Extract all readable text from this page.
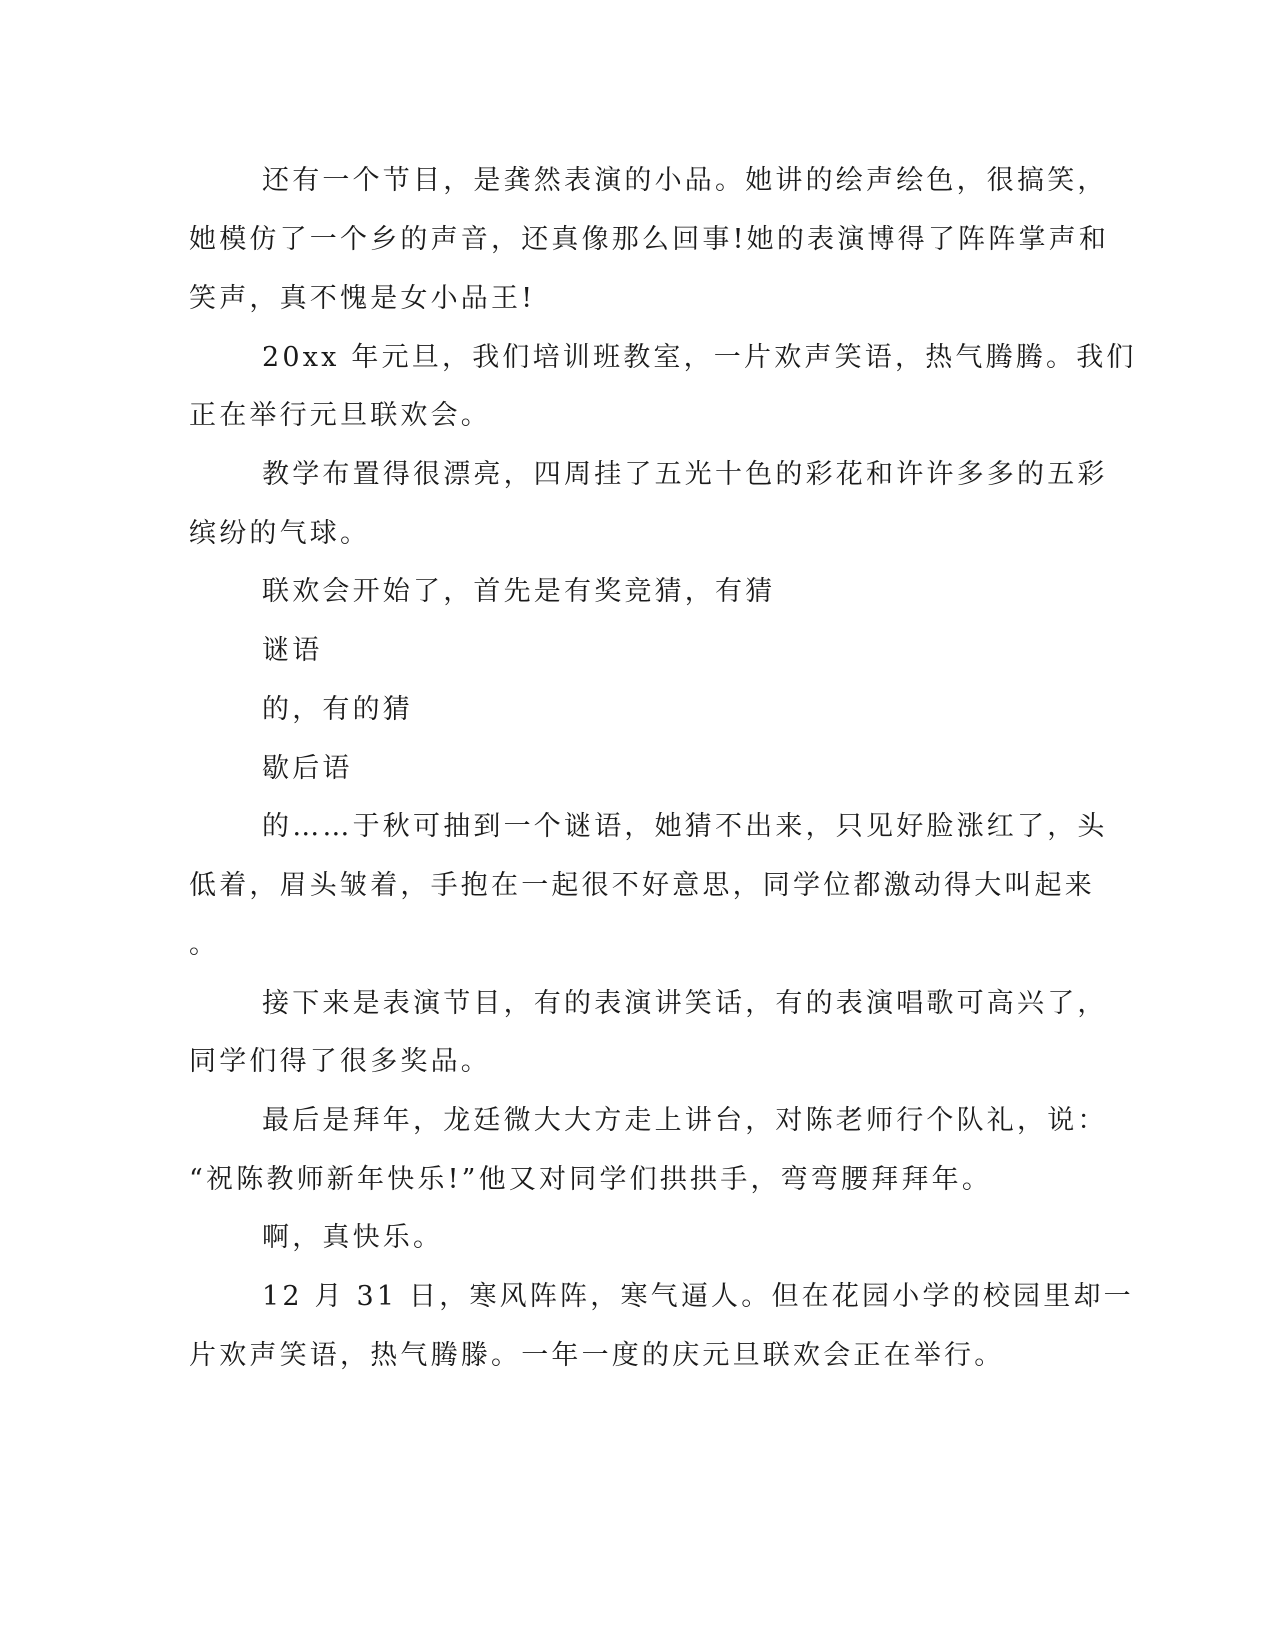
还有一个节目，是龚然表演的小品。她讲的绘声绘色，很搞笑，
她模仿了一个乡的声音，还真像那么回事!她的表演博得了阵阵掌声和
笑声，真不愧是女小品王!
20xx 年元旦，我们培训班教室，一片欢声笑语，热气腾腾。我们
正在举行元旦联欢会。
教学布置得很漂亮，四周挂了五光十色的彩花和许许多多的五彩
缤纷的气球。
联欢会开始了，首先是有奖竞猜，有猜
谜语
的，有的猜
歇后语
的……于秋可抽到一个谜语，她猜不出来，只见好脸涨红了，头
低着，眉头皱着，手抱在一起很不好意思，同学位都激动得大叫起来
。
接下来是表演节目，有的表演讲笑话，有的表演唱歌可高兴了，
同学们得了很多奖品。
最后是拜年，龙廷微大大方走上讲台，对陈老师行个队礼，说：
“祝陈教师新年快乐!”他又对同学们拱拱手，弯弯腰拜拜年。
啊，真快乐。
12 月 31 日，寒风阵阵，寒气逼人。但在花园小学的校园里却一
片欢声笑语，热气腾滕。一年一度的庆元旦联欢会正在举行。
